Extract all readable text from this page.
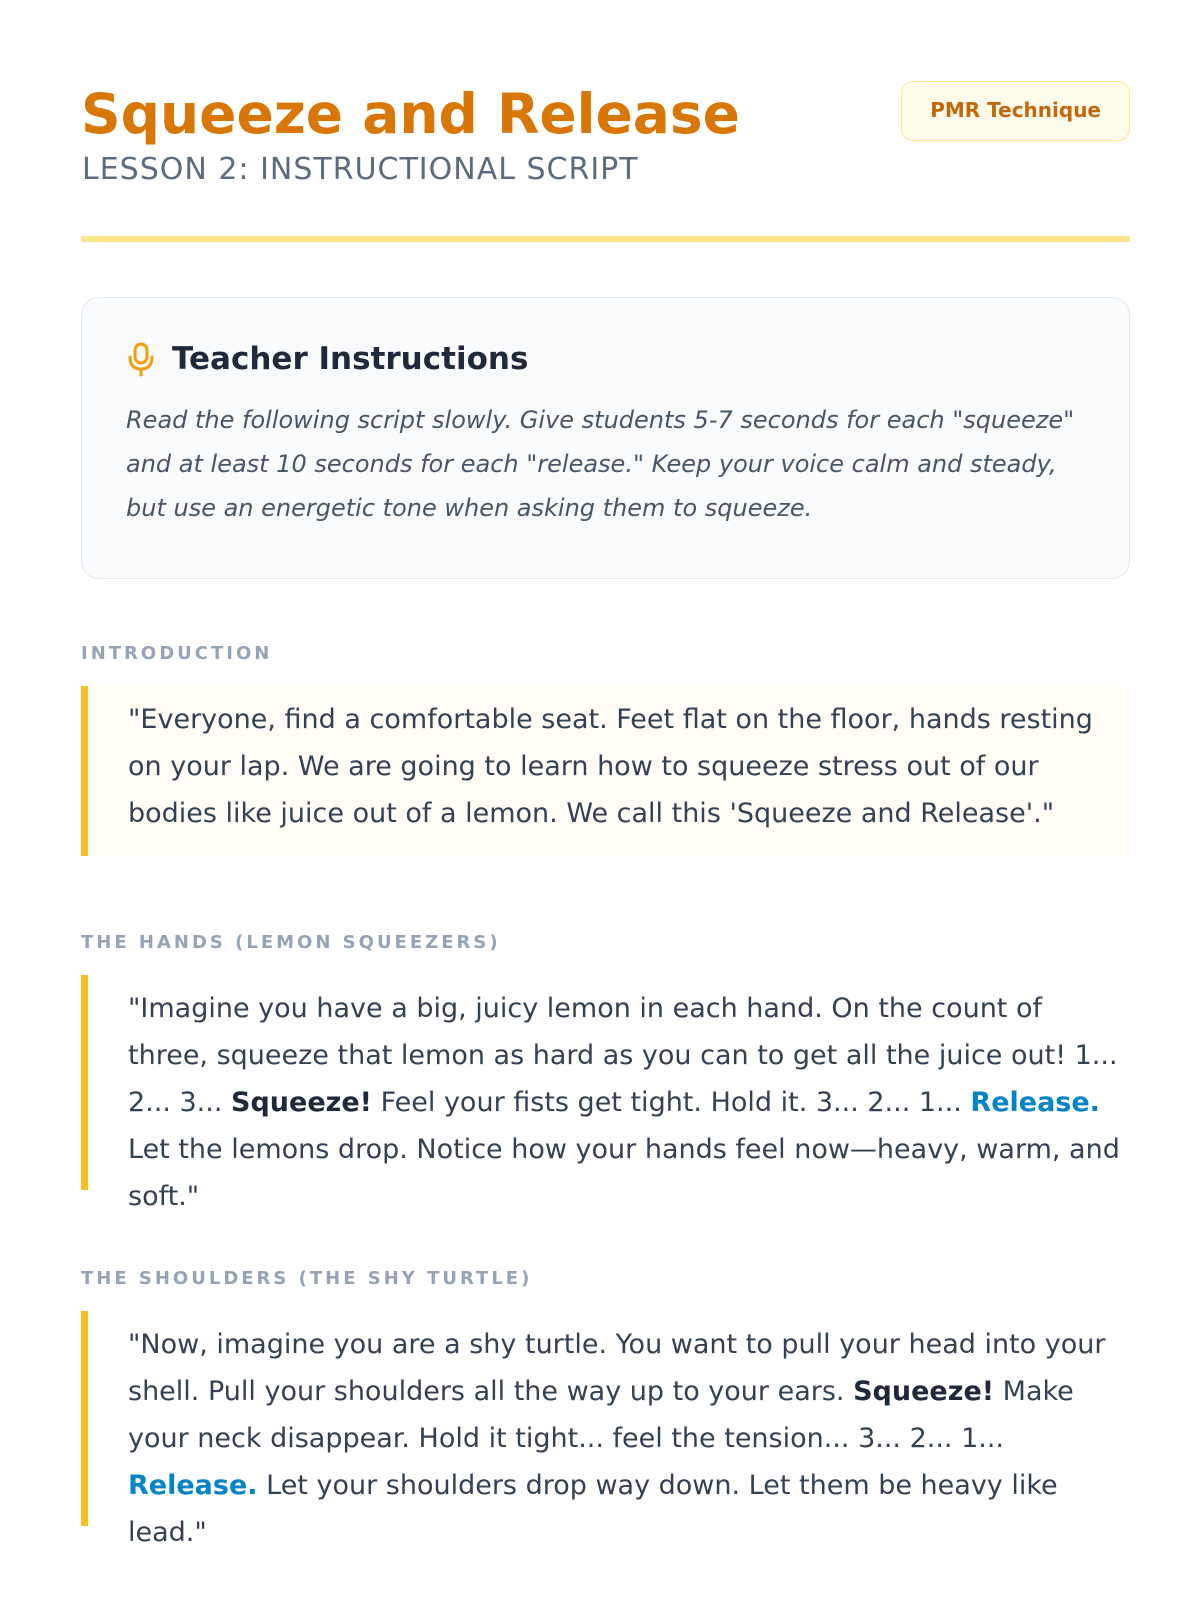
Squeeze and Release
LESSON 2: INSTRUCTIONAL SCRIPT
PMR Technique
Teacher Instructions
Read the following script slowly. Give students 5-7 seconds for each "squeeze" and at least 10 seconds for each "release." Keep your voice calm and steady, but use an energetic tone when asking them to squeeze.
INTRODUCTION
"Everyone, find a comfortable seat. Feet flat on the floor, hands resting on your lap. We are going to learn how to squeeze stress out of our bodies like juice out of a lemon. We call this 'Squeeze and Release'."
THE HANDS (LEMON SQUEEZERS)
"Imagine you have a big, juicy lemon in each hand. On the count of three, squeeze that lemon as hard as you can to get all the juice out! 1... 2... 3... Squeeze! Feel your fists get tight. Hold it. 3... 2... 1... Release. Let the lemons drop. Notice how your hands feel now—heavy, warm, and soft."
THE SHOULDERS (THE SHY TURTLE)
"Now, imagine you are a shy turtle. You want to pull your head into your shell. Pull your shoulders all the way up to your ears. Squeeze! Make your neck disappear. Hold it tight... feel the tension... 3... 2... 1... Release. Let your shoulders drop way down. Let them be heavy like lead."
